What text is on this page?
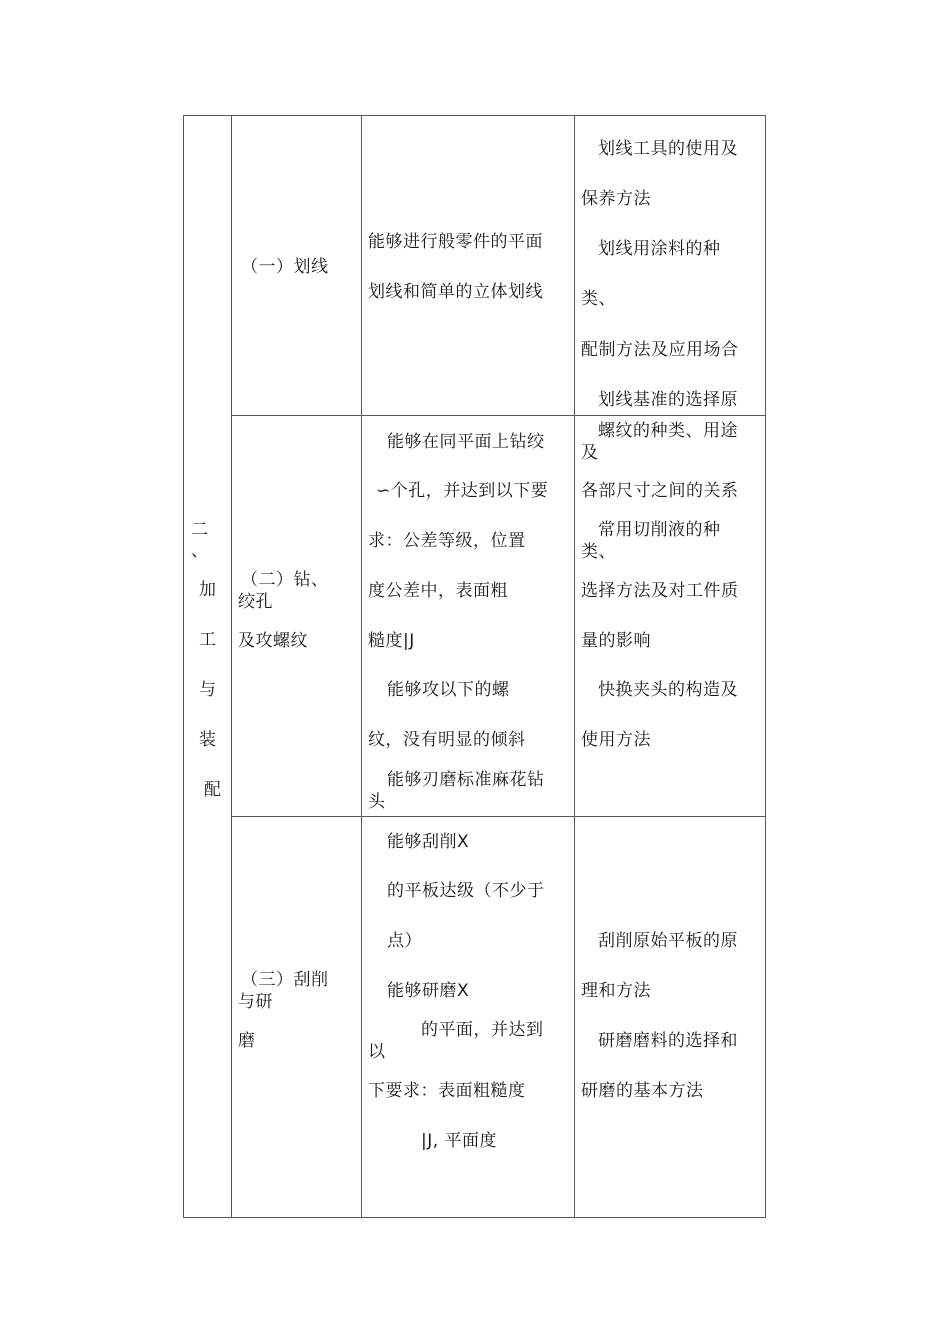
二
、
加
工
与
装
配
（一）划线
能够进行般零件的平面
划线和简单的立体划线
划线工具的使用及
保养方法
划线用涂料的种
类、
配制方法及应用场合
划线基准的选择原
（二）钻、
绞孔
及攻螺纹
能够在同平面上钻绞
∽个孔，并达到以下要
求：公差等级，位置
度公差中，表面粗
糙度|J
能够攻以下的螺
纹，没有明显的倾斜
能够刃磨标准麻花钻
头
螺纹的种类、用途
及
各部尺寸之间的关系
常用切削液的种
类、
选择方法及对工件质
量的影响
快换夹头的构造及
使用方法
（三）刮削
与研
磨
能够刮削X
的平板达级（不少于
点）
能够研磨X
的平面，并达到
以
下要求：表面粗糙度
|J, 平面度
刮削原始平板的原
理和方法
研磨磨料的选择和
研磨的基本方法
